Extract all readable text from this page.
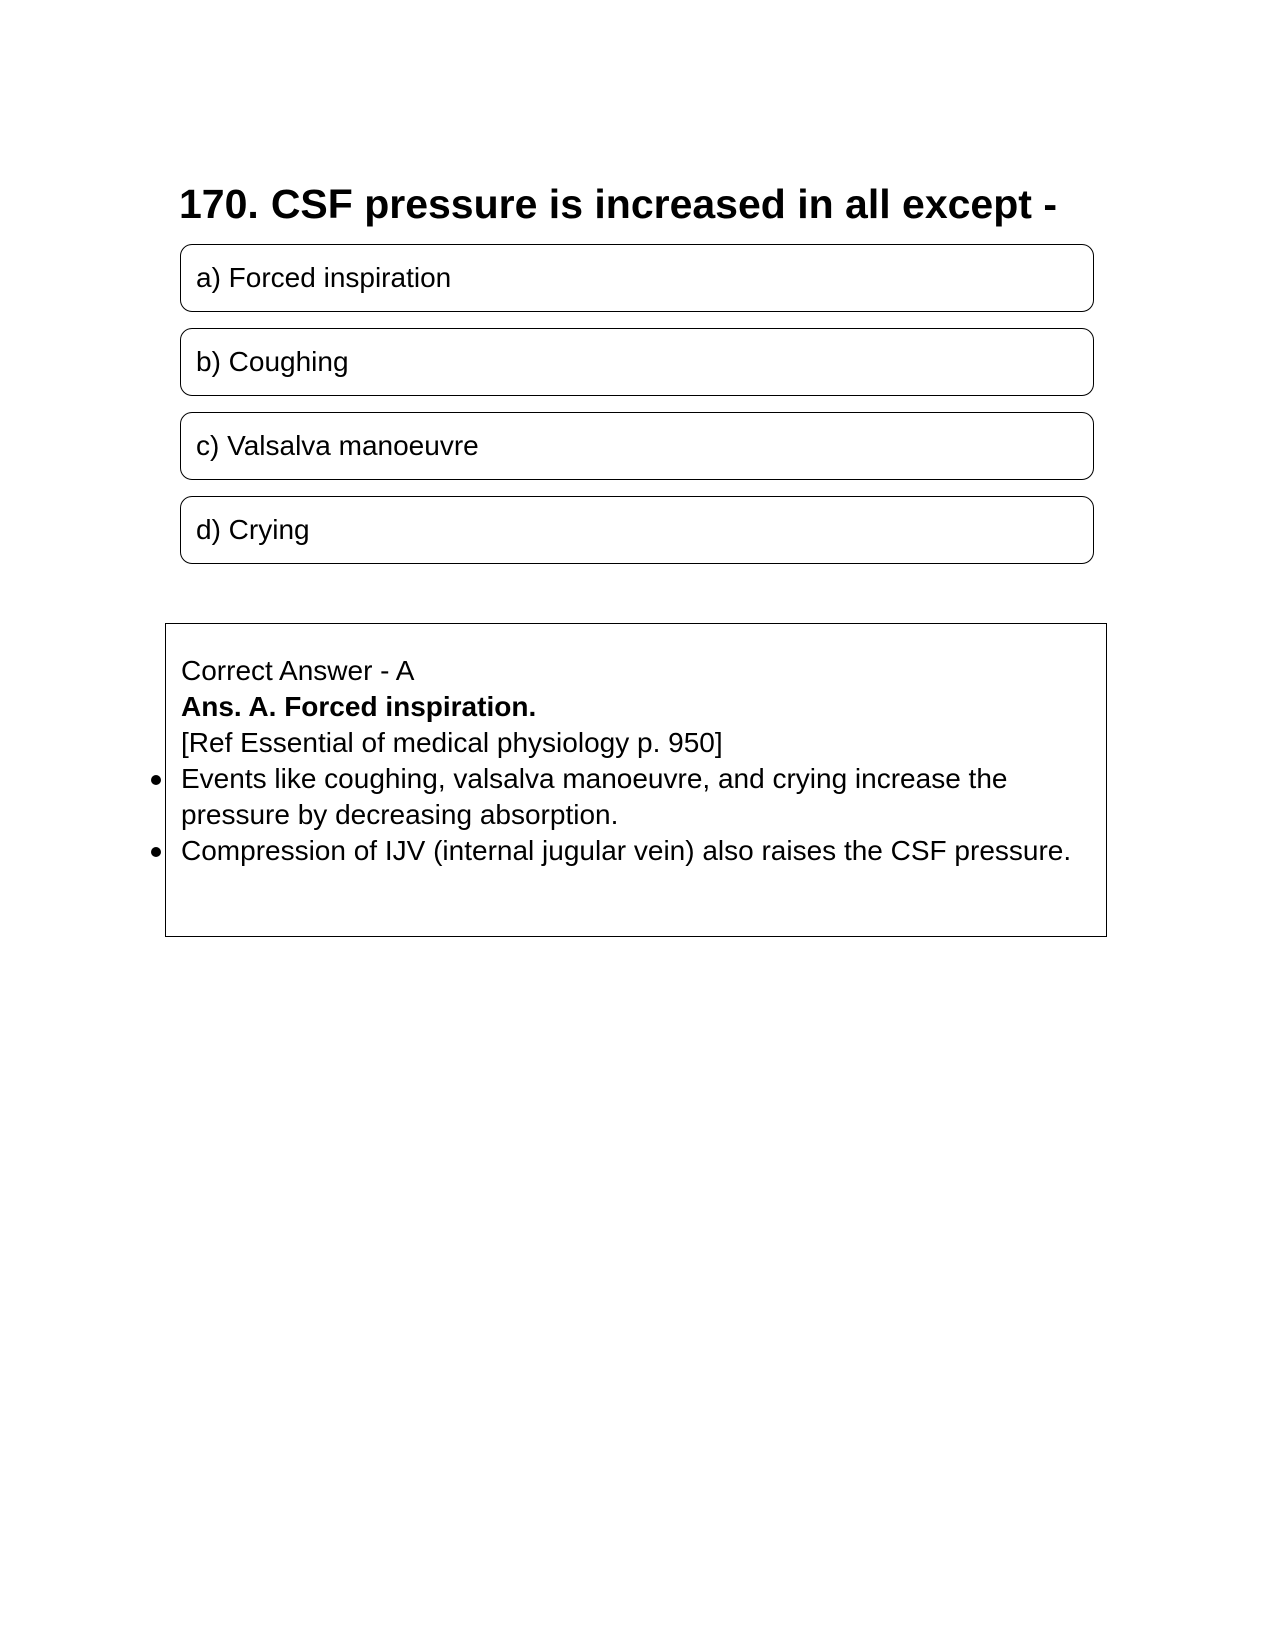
170. CSF pressure is increased in all except -
a) Forced inspiration
b) Coughing
c) Valsalva manoeuvre
d) Crying

Correct Answer - A

Ans. A. Forced inspiration.

[Ref Essential of medical physiology p. 950]

Events like coughing, valsalva manoeuvre, and crying increase the pressure by decreasing absorption.
Compression of IJV (internal jugular vein) also raises the CSF pressure.
